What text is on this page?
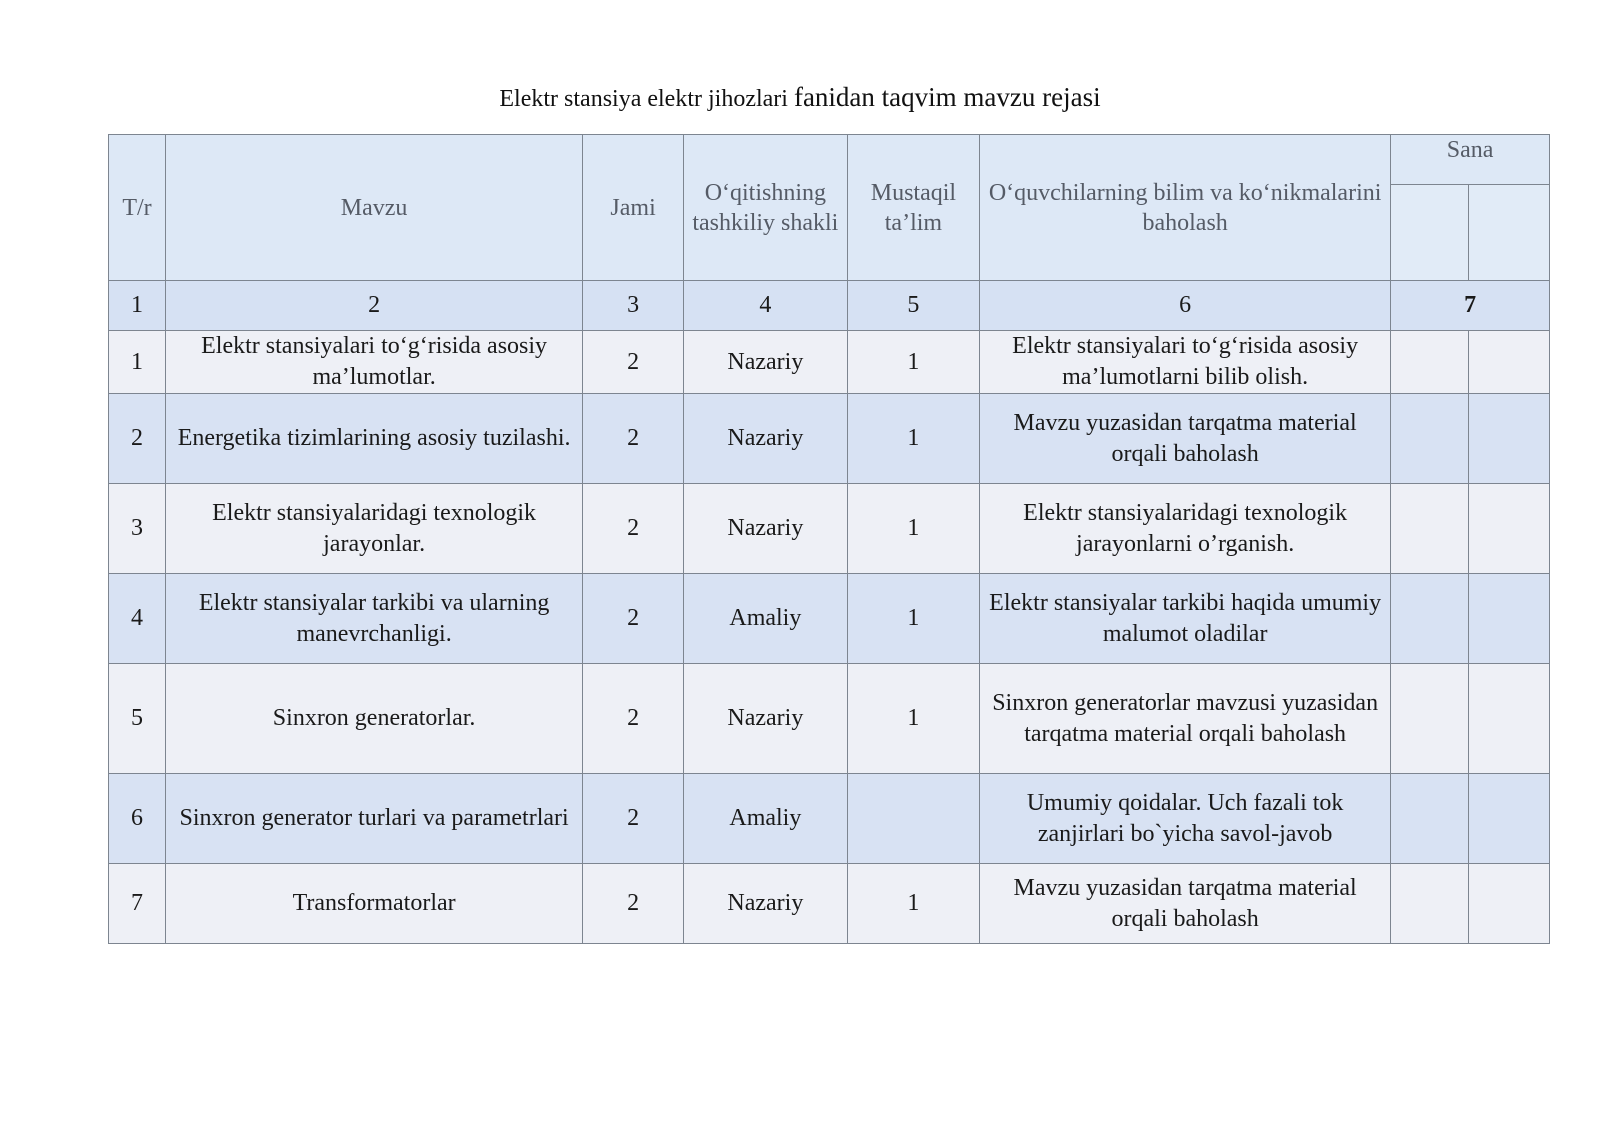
Elektr stansiya elektr jihozlari fanidan taqvim mavzu rejasi
T/r	Mavzu	Jami	O‘qitishning tashkiliy shakli	Mustaqil ta’lim	O‘quvchilarning bilim va ko‘nikmalarini baholash	Sana	

1	2	3	4	5	6	7	
1	Elektr stansiyalari to‘g‘risida asosiy ma’lumotlar.	2	Nazariy	1	Elektr stansiyalari to‘g‘risida asosiy ma’lumotlarni bilib olish.		
2	Energetika tizimlarining asosiy tuzilashi.	2	Nazariy	1	Mavzu yuzasidan tarqatma material orqali baholash		
3	Elektr stansiyalaridagi texnologik jarayonlar.	2	Nazariy	1	Elektr stansiyalaridagi texnologik jarayonlarni o’rganish.		
4	Elektr stansiyalar tarkibi va ularning manevrchanligi.	2	Amaliy	1	Elektr stansiyalar tarkibi haqida umumiy malumot oladilar		
5	Sinxron generatorlar.	2	Nazariy	1	Sinxron generatorlar mavzusi yuzasidan tarqatma material orqali baholash		
6	Sinxron generator turlari va parametrlari	2	Amaliy		Umumiy qoidalar. Uch fazali tok zanjirlari bo`yicha savol-javob		
7	Transformatorlar	2	Nazariy	1	Mavzu yuzasidan tarqatma material orqali baholash		
